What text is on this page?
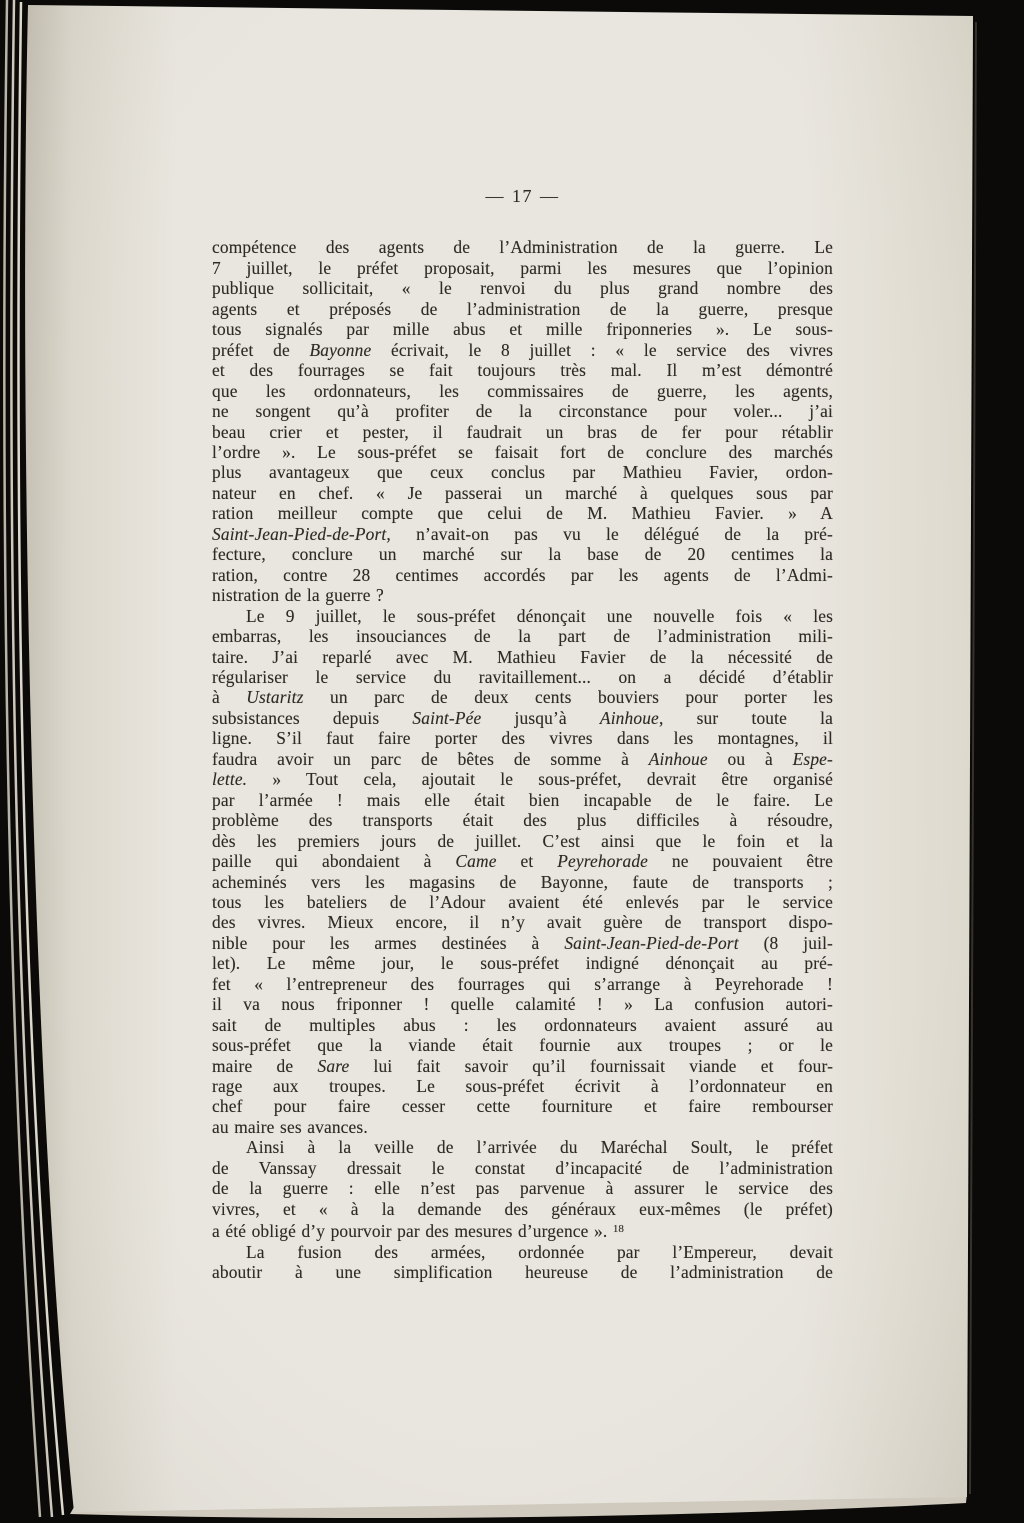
— 17 —
compétence des agents de l’Administration de la guerre. Le
7 juillet, le préfet proposait, parmi les mesures que l’opinion
publique sollicitait, « le renvoi du plus grand nombre des
agents et préposés de l’administration de la guerre, presque
tous signalés par mille abus et mille friponneries ». Le sous-
préfet de Bayonne écrivait, le 8 juillet : « le service des vivres
et des fourrages se fait toujours très mal. Il m’est démontré
que les ordonnateurs, les commissaires de guerre, les agents,
ne songent qu’à profiter de la circonstance pour voler... j’ai
beau crier et pester, il faudrait un bras de fer pour rétablir
l’ordre ». Le sous-préfet se faisait fort de conclure des marchés
plus avantageux que ceux conclus par Mathieu Favier, ordon-
nateur en chef. « Je passerai un marché à quelques sous par
ration meilleur compte que celui de M. Mathieu Favier. » A
Saint-Jean-Pied-de-Port, n’avait-on pas vu le délégué de la pré-
fecture, conclure un marché sur la base de 20 centimes la
ration, contre 28 centimes accordés par les agents de l’Admi-
nistration de la guerre ?
Le 9 juillet, le sous-préfet dénonçait une nouvelle fois « les
embarras, les insouciances de la part de l’administration mili-
taire. J’ai reparlé avec M. Mathieu Favier de la nécessité de
régulariser le service du ravitaillement... on a décidé d’établir
à Ustaritz un parc de deux cents bouviers pour porter les
subsistances depuis Saint-Pée jusqu’à Ainhoue, sur toute la
ligne. S’il faut faire porter des vivres dans les montagnes, il
faudra avoir un parc de bêtes de somme à Ainhoue ou à Espe-
lette. » Tout cela, ajoutait le sous-préfet, devrait être organisé
par l’armée ! mais elle était bien incapable de le faire. Le
problème des transports était des plus difficiles à résoudre,
dès les premiers jours de juillet. C’est ainsi que le foin et la
paille qui abondaient à Came et Peyrehorade ne pouvaient être
acheminés vers les magasins de Bayonne, faute de transports ;
tous les bateliers de l’Adour avaient été enlevés par le service
des vivres. Mieux encore, il n’y avait guère de transport dispo-
nible pour les armes destinées à Saint-Jean-Pied-de-Port (8 juil-
let). Le même jour, le sous-préfet indigné dénonçait au pré-
fet « l’entrepreneur des fourrages qui s’arrange à Peyrehorade !
il va nous friponner ! quelle calamité ! » La confusion autori-
sait de multiples abus : les ordonnateurs avaient assuré au
sous-préfet que la viande était fournie aux troupes ; or le
maire de Sare lui fait savoir qu’il fournissait viande et four-
rage aux troupes. Le sous-préfet écrivit à l’ordonnateur en
chef pour faire cesser cette fourniture et faire rembourser
au maire ses avances.
Ainsi à la veille de l’arrivée du Maréchal Soult, le préfet
de Vanssay dressait le constat d’incapacité de l’administration
de la guerre : elle n’est pas parvenue à assurer le service des
vivres, et « à la demande des généraux eux-mêmes (le préfet)
a été obligé d’y pourvoir par des mesures d’urgence ». $^{18}$
La fusion des armées, ordonnée par l’Empereur, devait
aboutir à une simplification heureuse de l’administration de
